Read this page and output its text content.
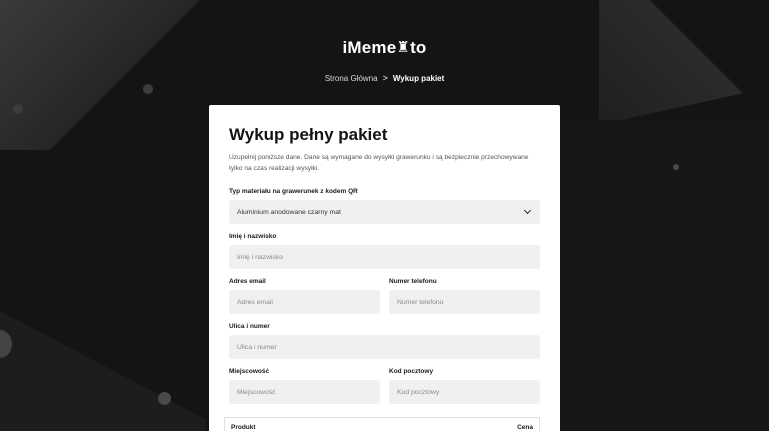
iMeme♜to
Strona Główna > Wykup pakiet
Wykup pełny pakiet

Uzupełnij poniższe dane. Dane są wymagane do wysyłki grawerunku i są bezpiecznie przechowywane tylko na czas realizacji wysyłki.

Typ materiału na grawerunek z kodem QR
Aluminium anodowane czarny mat
Imię i nazwisko
Imię i nazwisko
Adres email
Adres email
Numer telefonu
Numer telefonu
Ulica i numer
Ulica i numer
Miejscowość
Miejscowość
Kod pocztowy
Kod pocztowy
Produkt	Cena
